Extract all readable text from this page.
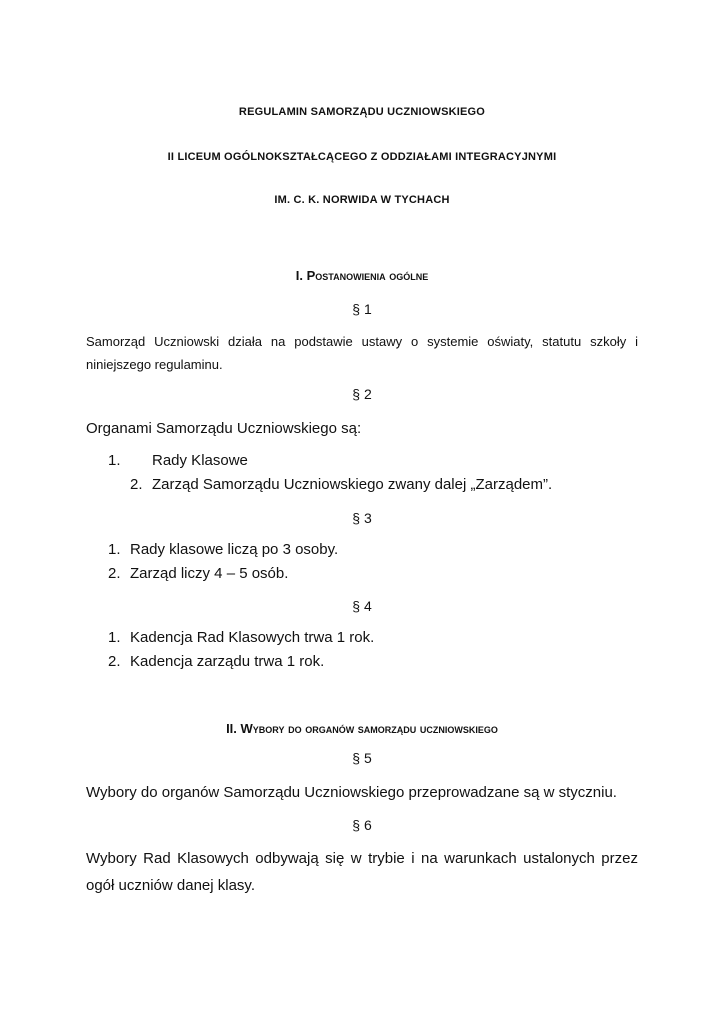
REGULAMIN SAMORZĄDU UCZNIOWSKIEGO
II LICEUM OGÓLNOKSZTAŁCĄCEGO Z ODDZIAŁAMI INTEGRACYJNYMI
IM. C. K. NORWIDA W TYCHACH
I. Postanowienia ogólne
§ 1
Samorząd Uczniowski działa na podstawie ustawy o systemie oświaty, statutu szkoły i niniejszego regulaminu.
§ 2
Organami Samorządu Uczniowskiego są:
1. Rady Klasowe
2. Zarząd Samorządu Uczniowskiego zwany dalej „Zarządem”.
§ 3
1. Rady klasowe liczą po 3 osoby.
2. Zarząd liczy 4 – 5 osób.
§ 4
1. Kadencja Rad Klasowych trwa 1 rok.
2. Kadencja zarządu trwa 1 rok.
II. Wybory do organów samorządu uczniowskiego
§ 5
Wybory do organów Samorządu Uczniowskiego przeprowadzane są w styczniu.
§ 6
Wybory Rad Klasowych odbywają się w trybie i na warunkach ustalonych przez ogół uczniów danej klasy.
